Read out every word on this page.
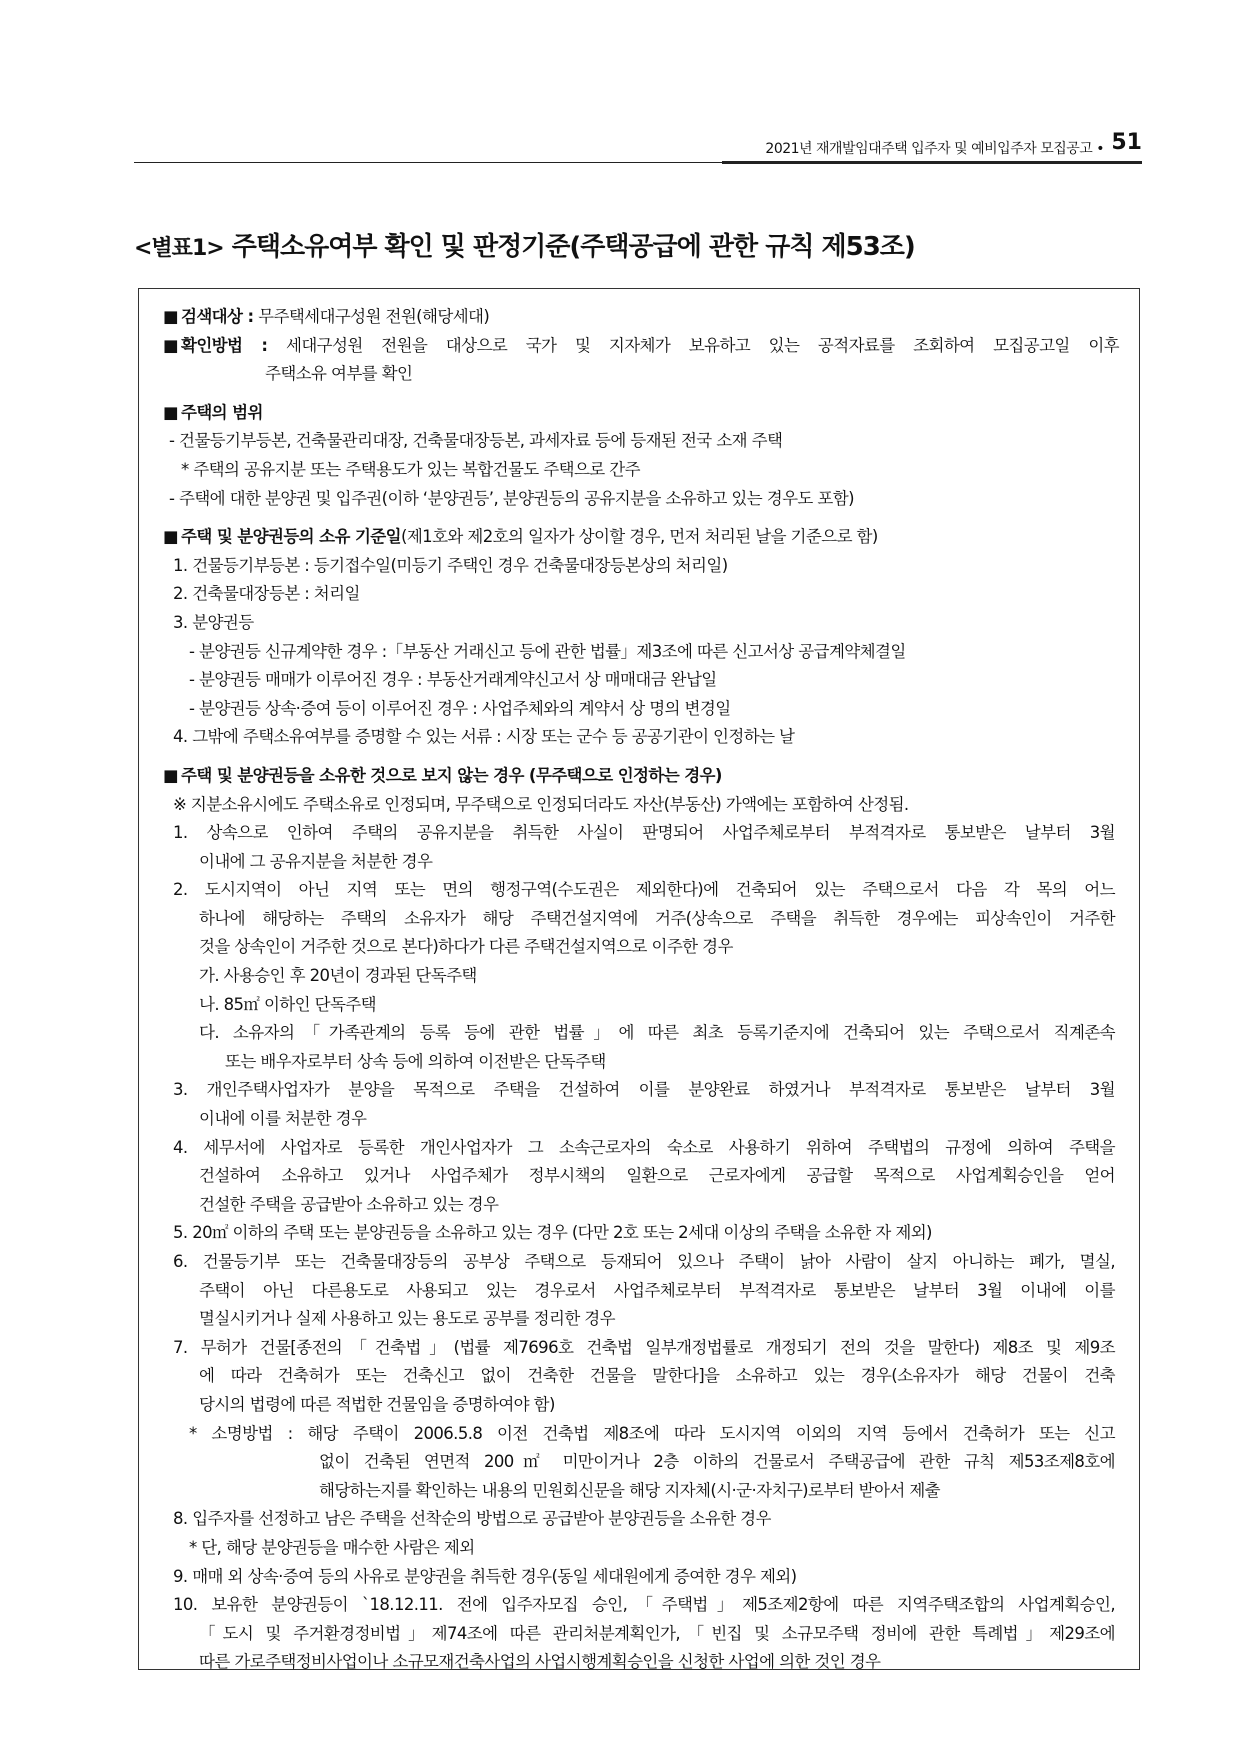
2021년 재개발임대주택 입주자 및 예비입주자 모집공고 • 51
<별표1> 주택소유여부 확인 및 판정기준(주택공급에 관한 규칙 제53조)
■ 검색대상 : 무주택세대구성원 전원(해당세대)
■ 확인방법 : 세대구성원 전원을 대상으로 국가 및 지자체가 보유하고 있는 공적자료를 조회하여 모집공고일 이후
주택소유 여부를 확인
■ 주택의 범위
- 건물등기부등본, 건축물관리대장, 건축물대장등본, 과세자료 등에 등재된 전국 소재 주택
* 주택의 공유지분 또는 주택용도가 있는 복합건물도 주택으로 간주
- 주택에 대한 분양권 및 입주권(이하 ‘분양권등’, 분양권등의 공유지분을 소유하고 있는 경우도 포함)
■ 주택 및 분양권등의 소유 기준일(제1호와 제2호의 일자가 상이할 경우, 먼저 처리된 날을 기준으로 함)
1. 건물등기부등본 : 등기접수일(미등기 주택인 경우 건축물대장등본상의 처리일)
2. 건축물대장등본 : 처리일
3. 분양권등
- 분양권등 신규계약한 경우 :「부동산 거래신고 등에 관한 법률」제3조에 따른 신고서상 공급계약체결일
- 분양권등 매매가 이루어진 경우 : 부동산거래계약신고서 상 매매대금 완납일
- 분양권등 상속·증여 등이 이루어진 경우 : 사업주체와의 계약서 상 명의 변경일
4. 그밖에 주택소유여부를 증명할 수 있는 서류 : 시장 또는 군수 등 공공기관이 인정하는 날
■ 주택 및 분양권등을 소유한 것으로 보지 않는 경우 (무주택으로 인정하는 경우)
※ 지분소유시에도 주택소유로 인정되며, 무주택으로 인정되더라도 자산(부동산) 가액에는 포함하여 산정됨.
1. 상속으로 인하여 주택의 공유지분을 취득한 사실이 판명되어 사업주체로부터 부적격자로 통보받은 날부터 3월
이내에 그 공유지분을 처분한 경우
2. 도시지역이 아닌 지역 또는 면의 행정구역(수도권은 제외한다)에 건축되어 있는 주택으로서 다음 각 목의 어느
하나에 해당하는 주택의 소유자가 해당 주택건설지역에 거주(상속으로 주택을 취득한 경우에는 피상속인이 거주한
것을 상속인이 거주한 것으로 본다)하다가 다른 주택건설지역으로 이주한 경우
가. 사용승인 후 20년이 경과된 단독주택
나. 85㎡ 이하인 단독주택
다. 소유자의「가족관계의 등록 등에 관한 법률」에 따른 최초 등록기준지에 건축되어 있는 주택으로서 직계존속
또는 배우자로부터 상속 등에 의하여 이전받은 단독주택
3. 개인주택사업자가 분양을 목적으로 주택을 건설하여 이를 분양완료 하였거나 부적격자로 통보받은 날부터 3월
이내에 이를 처분한 경우
4. 세무서에 사업자로 등록한 개인사업자가 그 소속근로자의 숙소로 사용하기 위하여 주택법의 규정에 의하여 주택을
건설하여 소유하고 있거나 사업주체가 정부시책의 일환으로 근로자에게 공급할 목적으로 사업계획승인을 얻어
건설한 주택을 공급받아 소유하고 있는 경우
5. 20㎡ 이하의 주택 또는 분양권등을 소유하고 있는 경우 (다만 2호 또는 2세대 이상의 주택을 소유한 자 제외)
6. 건물등기부 또는 건축물대장등의 공부상 주택으로 등재되어 있으나 주택이 낡아 사람이 살지 아니하는 폐가, 멸실,
주택이 아닌 다른용도로 사용되고 있는 경우로서 사업주체로부터 부적격자로 통보받은 날부터 3월 이내에 이를
멸실시키거나 실제 사용하고 있는 용도로 공부를 정리한 경우
7. 무허가 건물[종전의「건축법」(법률 제7696호 건축법 일부개정법률로 개정되기 전의 것을 말한다) 제8조 및 제9조
에 따라 건축허가 또는 건축신고 없이 건축한 건물을 말한다]을 소유하고 있는 경우(소유자가 해당 건물이 건축
당시의 법령에 따른 적법한 건물임을 증명하여야 함)
* 소명방법 : 해당 주택이 2006.5.8 이전 건축법 제8조에 따라 도시지역 이외의 지역 등에서 건축허가 또는 신고
없이 건축된 연면적 200㎡ 미만이거나 2층 이하의 건물로서 주택공급에 관한 규칙 제53조제8호에
해당하는지를 확인하는 내용의 민원회신문을 해당 지자체(시·군·자치구)로부터 받아서 제출
8. 입주자를 선정하고 남은 주택을 선착순의 방법으로 공급받아 분양권등을 소유한 경우
* 단, 해당 분양권등을 매수한 사람은 제외
9. 매매 외 상속·증여 등의 사유로 분양권을 취득한 경우(동일 세대원에게 증여한 경우 제외)
10. 보유한 분양권등이 `18.12.11. 전에 입주자모집 승인,「주택법」제5조제2항에 따른 지역주택조합의 사업계획승인,
「도시 및 주거환경정비법」제74조에 따른 관리처분계획인가,「빈집 및 소규모주택 정비에 관한 특례법」제29조에
따른 가로주택정비사업이나 소규모재건축사업의 사업시행계획승인을 신청한 사업에 의한 것인 경우
